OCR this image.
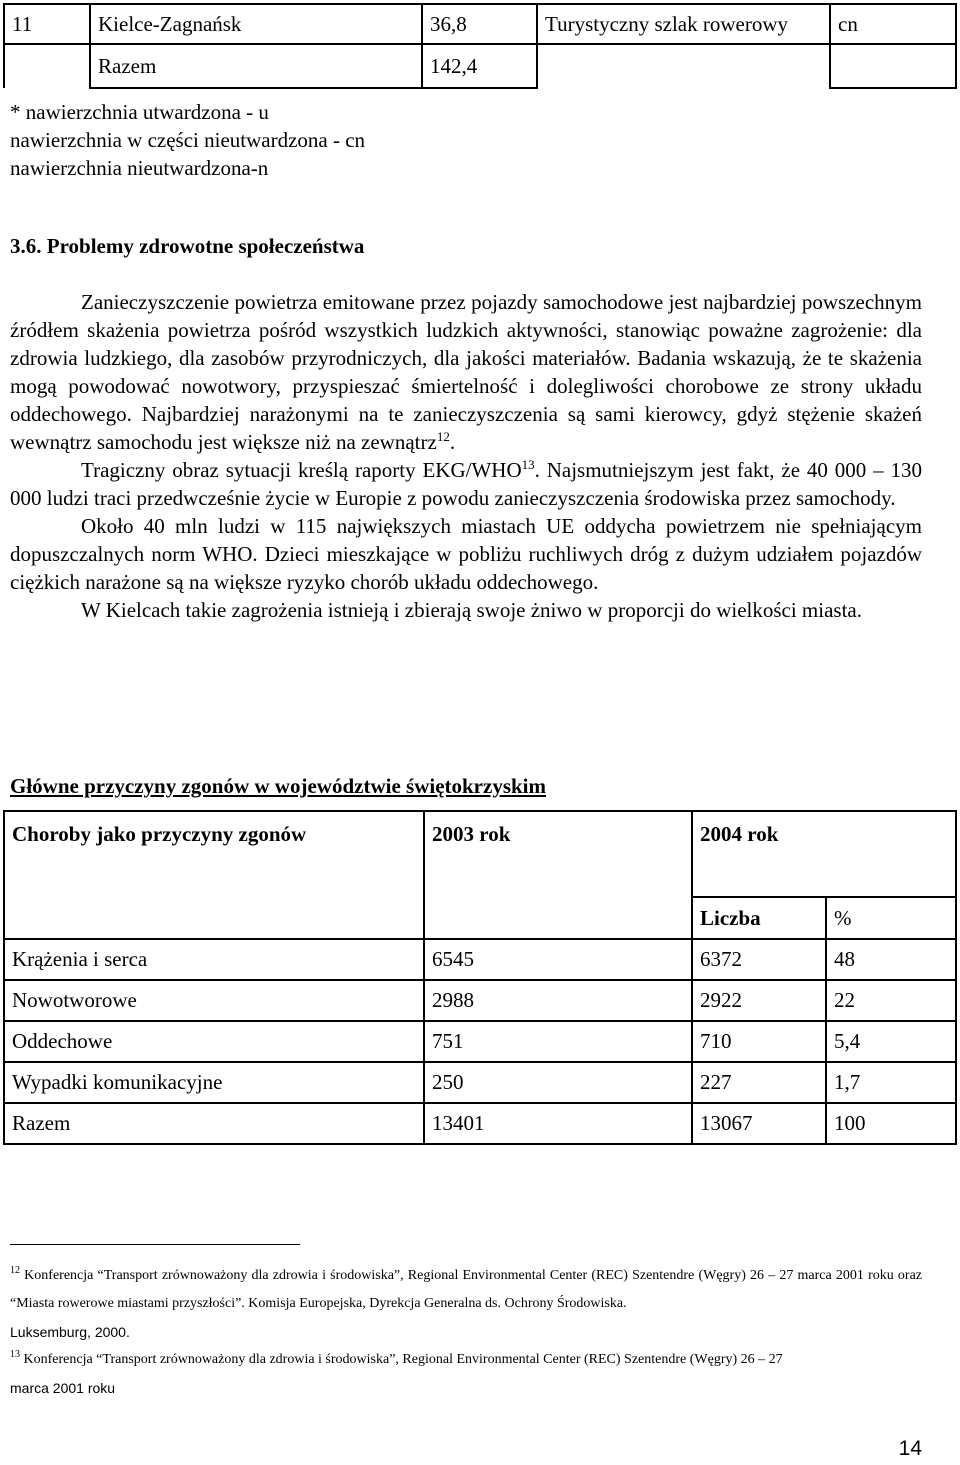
11	Kielce-Zagnańsk	36,8	Turystyczny szlak rowerowy	cn
	Razem	142,4		
* nawierzchnia utwardzona - u
nawierzchnia w części nieutwardzona - cn
nawierzchnia nieutwardzona-n
3.6. Problemy zdrowotne społeczeństwa

Zanieczyszczenie powietrza emitowane przez pojazdy samochodowe jest najbardziej powszechnym źródłem skażenia powietrza pośród wszystkich ludzkich aktywności, stanowiąc poważne zagrożenie: dla zdrowia ludzkiego, dla zasobów przyrodniczych, dla jakości materiałów. Badania wskazują, że te skażenia mogą powodować nowotwory, przyspieszać śmiertelność i dolegliwości chorobowe ze strony układu oddechowego. Najbardziej narażonymi na te zanieczyszczenia są sami kierowcy, gdyż stężenie skażeń wewnątrz samochodu jest większe niż na zewnątrz$^{12}$.

Tragiczny obraz sytuacji kreślą raporty EKG/WHO$^{13}$. Najsmutniejszym jest fakt, że 40 000 – 130 000 ludzi traci przedwcześnie życie w Europie z powodu zanieczyszczenia środowiska przez samochody.

Około 40 mln ludzi w 115 największych miastach UE oddycha powietrzem nie spełniającym dopuszczalnych norm WHO. Dzieci mieszkające w pobliżu ruchliwych dróg z dużym udziałem pojazdów ciężkich narażone są na większe ryzyko chorób układu oddechowego.

W Kielcach takie zagrożenia istnieją i zbierają swoje żniwo w proporcji do wielkości miasta.

Główne przyczyny zgonów w województwie świętokrzyskim
Choroby jako przyczyny zgonów	2003 rok	2004 rok	
		Liczba	%
Krążenia i serca	6545	6372	48
Nowotworowe	2988	2922	22
Oddechowe	751	710	5,4
Wypadki komunikacyjne	250	227	1,7
Razem	13401	13067	100
$^{12}$ Konferencja “Transport zrównoważony dla zdrowia i środowiska”, Regional Environmental Center (REC) Szentendre (Węgry) 26 – 27 marca 2001 roku oraz “Miasta rowerowe miastami przyszłości”. Komisja Europejska, Dyrekcja Generalna ds. Ochrony Środowiska.
Luksemburg, 2000.
$^{13}$ Konferencja “Transport zrównoważony dla zdrowia i środowiska”, Regional Environmental Center (REC) Szentendre (Węgry) 26 – 27
marca 2001 roku
14
